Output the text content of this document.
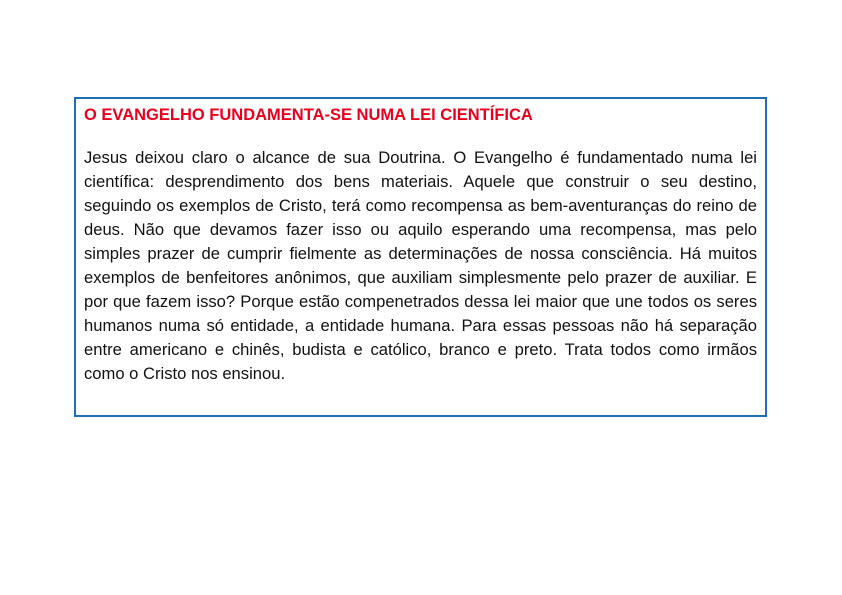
O EVANGELHO FUNDAMENTA-SE NUMA LEI CIENTÍFICA

Jesus deixou claro o alcance de sua Doutrina. O Evangelho é fundamentado numa lei científica: desprendimento dos bens materiais. Aquele que construir o seu destino, seguindo os exemplos de Cristo, terá como recompensa as bem-aventuranças do reino de deus. Não que devamos fazer isso ou aquilo esperando uma recompensa, mas pelo simples prazer de cumprir fielmente as determinações de nossa consciência. Há muitos exemplos de benfeitores anônimos, que auxiliam simplesmente pelo prazer de auxiliar. E por que fazem isso? Porque estão compenetrados dessa lei maior que une todos os seres humanos numa só entidade, a entidade humana. Para essas pessoas não há separação entre americano e chinês, budista e católico, branco e preto. Trata todos como irmãos como o Cristo nos ensinou.
